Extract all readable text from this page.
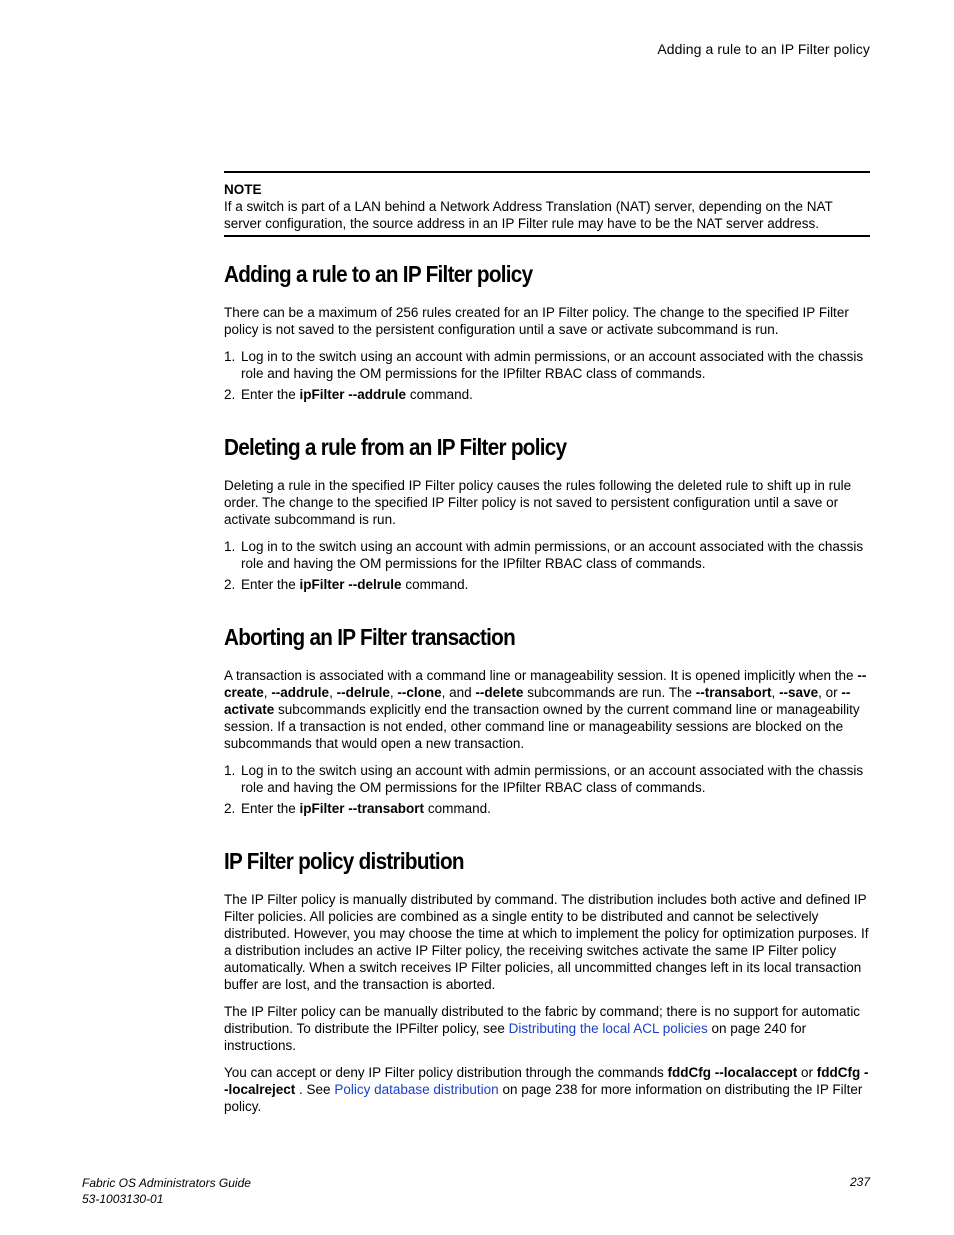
Adding a rule to an IP Filter policy
NOTE
If a switch is part of a LAN behind a Network Address Translation (NAT) server, depending on the NAT server configuration, the source address in an IP Filter rule may have to be the NAT server address.
Adding a rule to an IP Filter policy

There can be a maximum of 256 rules created for an IP Filter policy. The change to the specified IP Filter policy is not saved to the persistent configuration until a save or activate subcommand is run.

1. Log in to the switch using an account with admin permissions, or an account associated with the chassis role and having the OM permissions for the IPfilter RBAC class of commands.
2. Enter the ipFilter --addrule command.
Deleting a rule from an IP Filter policy

Deleting a rule in the specified IP Filter policy causes the rules following the deleted rule to shift up in rule order. The change to the specified IP Filter policy is not saved to persistent configuration until a save or activate subcommand is run.

1. Log in to the switch using an account with admin permissions, or an account associated with the chassis role and having the OM permissions for the IPfilter RBAC class of commands.
2. Enter the ipFilter --delrule command.
Aborting an IP Filter transaction

A transaction is associated with a command line or manageability session. It is opened implicitly when the --create, --addrule, --delrule, --clone, and --delete subcommands are run. The --transabort, --save, or --activate subcommands explicitly end the transaction owned by the current command line or manageability session. If a transaction is not ended, other command line or manageability sessions are blocked on the subcommands that would open a new transaction.

1. Log in to the switch using an account with admin permissions, or an account associated with the chassis role and having the OM permissions for the IPfilter RBAC class of commands.
2. Enter the ipFilter --transabort command.
IP Filter policy distribution

The IP Filter policy is manually distributed by command. The distribution includes both active and defined IP Filter policies. All policies are combined as a single entity to be distributed and cannot be selectively distributed. However, you may choose the time at which to implement the policy for optimization purposes. If a distribution includes an active IP Filter policy, the receiving switches activate the same IP Filter policy automatically. When a switch receives IP Filter policies, all uncommitted changes left in its local transaction buffer are lost, and the transaction is aborted.

The IP Filter policy can be manually distributed to the fabric by command; there is no support for automatic distribution. To distribute the IPFilter policy, see Distributing the local ACL policies on page 240 for instructions.

You can accept or deny IP Filter policy distribution through the commands fddCfg --localaccept or fddCfg --localreject . See Policy database distribution on page 238 for more information on distributing the IP Filter policy.

Fabric OS Administrators Guide
53-1003130-01
237
